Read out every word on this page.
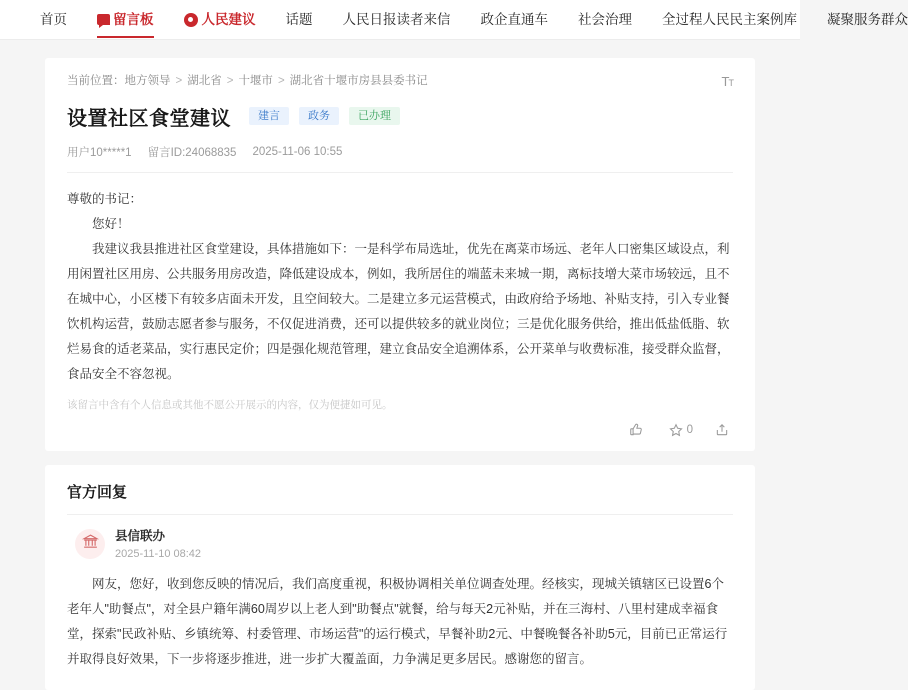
首页	留言板	人民建议 话题 人民日报读者来信 政企直通车 社会治理 全过程人民民主案例库 凝聚服务群众
当前位置： 地方领导 > 湖北省 > 十堰市 > 湖北省十堰市房县县委书记	TT
设置社区食堂建议	建言	政务	已办理
用户10*****1 留言ID:24068835 2025-11-06 10:55

尊敬的书记：

您好！

我建议我县推进社区食堂建设，具体措施如下：一是科学布局选址，优先在离菜市场远、老年人口密集区域设点，利用闲置社区用房、公共服务用房改造，降低建设成本，例如，我所居住的端蓝未来城一期，离标技增大菜市场较远，且不在城中心，小区楼下有较多店面未开发，且空间较大。二是建立多元运营模式，由政府给予场地、补贴支持，引入专业餐饮机构运营，鼓励志愿者参与服务，不仅促进消费，还可以提供较多的就业岗位；三是优化服务供给，推出低盐低脂、软烂易食的适老菜品，实行惠民定价；四是强化规范管理，建立食品安全追溯体系，公开菜单与收费标准，接受群众监督，食品安全不容忽视。

该留言中含有个人信息或其他不愿公开展示的内容，仅为便捷如可见。
0
官方回复
县信联办
2025-11-10 08:42

网友，您好，收到您反映的情况后，我们高度重视，积极协调相关单位调查处理。经核实，现城关镇辖区已设置6个老年人"助餐点"，对全县户籍年满60周岁以上老人到"助餐点"就餐，给与每天2元补贴，并在三海村、八里村建成幸福食堂，探索"民政补贴、乡镇统筹、村委管理、市场运营"的运行模式，早餐补助2元、中餐晚餐各补助5元，目前已正常运行并取得良好效果，下一步将逐步推进，进一步扩大覆盖面，力争满足更多居民。感谢您的留言。
